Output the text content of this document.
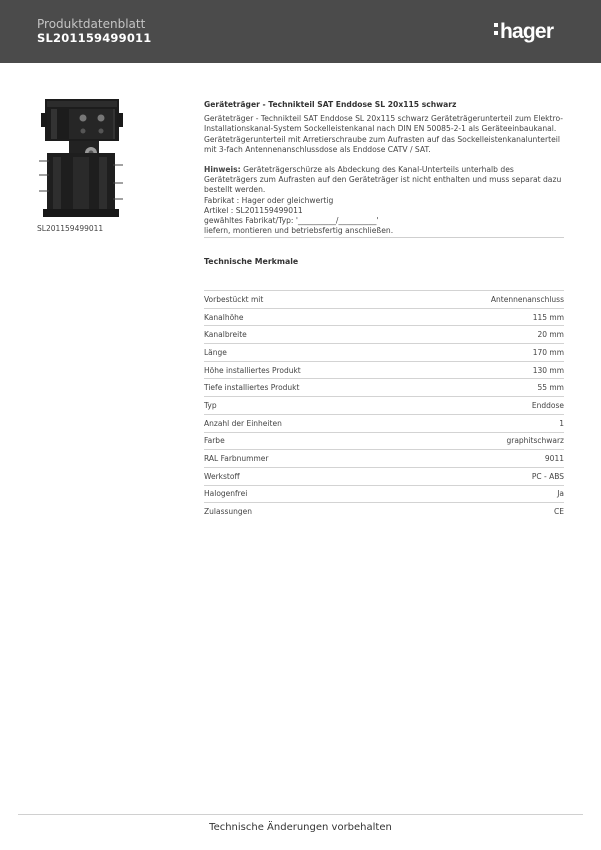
Produktdatenblatt
SL201159499011	hager
SL201159499011
Geräteträger - Technikteil SAT Enddose SL 20x115 schwarz
Geräteträger - Technikteil SAT Enddose SL 20x115 schwarz Geräteträgerunterteil zum Elektro-Installationskanal-System Sockelleistenkanal nach DIN EN 50085-2-1 als Geräteeinbaukanal. Geräteträgerunterteil mit Arretierschraube zum Aufrasten auf das Sockelleistenkanalunterteil mit 3-fach Antennenanschlussdose als Enddose CATV / SAT.
Hinweis: Geräteträgerschürze als Abdeckung des Kanal-Unterteils unterhalb des Geräteträgers zum Aufrasten auf den Geräteträger ist nicht enthalten und muss separat dazu bestellt werden.
Fabrikat : Hager oder gleichwertig
Artikel : SL201159499011
gewähltes Fabrikat/Typ: '__________/__________'
liefern, montieren und betriebsfertig anschließen.
Technische Merkmale
Vorbestückt mit	Antennenanschluss
Kanalhöhe	115 mm
Kanalbreite	20 mm
Länge	170 mm
Höhe installiertes Produkt	130 mm
Tiefe installiertes Produkt	55 mm
Typ	Enddose
Anzahl der Einheiten	1
Farbe	graphitschwarz
RAL Farbnummer	9011
Werkstoff	PC - ABS
Halogenfrei	Ja
Zulassungen	CE
Technische Änderungen vorbehalten
